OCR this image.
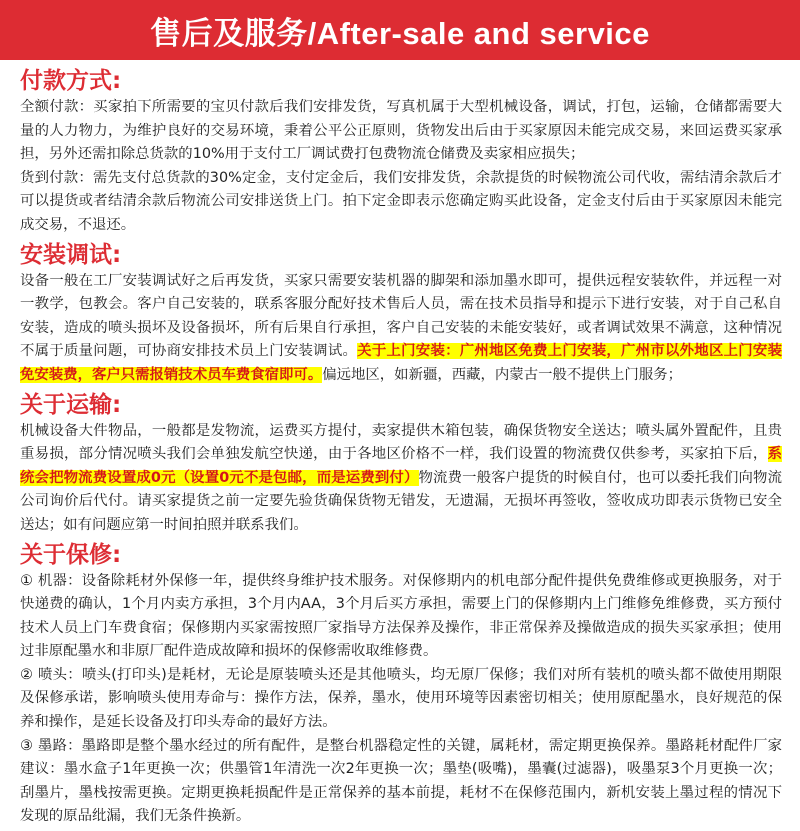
售后及服务/After-sale and service
付款方式:

全额付款：买家拍下所需要的宝贝付款后我们安排发货，写真机属于大型机械设备，调试，打包，运输，仓储都需要大量的人力物力，为维护良好的交易环境，秉着公平公正原则，货物发出后由于买家原因未能完成交易，来回运费买家承担，另外还需扣除总货款的10%用于支付工厂调试费打包费物流仓储费及卖家相应损失；

货到付款：需先支付总货款的30%定金，支付定金后，我们安排发货，余款提货的时候物流公司代收，需结清余款后才可以提货或者结清余款后物流公司安排送货上门。拍下定金即表示您确定购买此设备，定金支付后由于买家原因未能完成交易，不退还。

安装调试:

设备一般在工厂安装调试好之后再发货，买家只需要安装机器的脚架和添加墨水即可，提供远程安装软件，并远程一对一教学，包教会。客户自己安装的，联系客服分配好技术售后人员，需在技术员指导和提示下进行安装，对于自己私自安装，造成的喷头损坏及设备损坏，所有后果自行承担，客户自己安装的未能安装好，或者调试效果不满意，这种情况不属于质量问题，可协商安排技术员上门安装调试。关于上门安装：广州地区免费上门安装，广州市以外地区上门安装免安装费，客户只需报销技术员车费食宿即可。偏远地区，如新疆，西藏，内蒙古一般不提供上门服务；

关于运输:

机械设备大件物品，一般都是发物流，运费买方提付，卖家提供木箱包装，确保货物安全送达；喷头属外置配件，且贵重易损，部分情况喷头我们会单独发航空快递，由于各地区价格不一样，我们设置的物流费仅供参考，买家拍下后，系统会把物流费设置成0元（设置0元不是包邮，而是运费到付）物流费一般客户提货的时候自付，也可以委托我们向物流公司询价后代付。请买家提货之前一定要先验货确保货物无错发，无遗漏，无损坏再签收，签收成功即表示货物已安全送达；如有问题应第一时间拍照并联系我们。

关于保修:

① 机器：设备除耗材外保修一年，提供终身维护技术服务。对保修期内的机电部分配件提供免费维修或更换服务，对于快递费的确认，1个月内卖方承担，3个月内AA，3个月后买方承担，需要上门的保修期内上门维修免维修费，买方预付技术人员上门车费食宿；保修期内买家需按照厂家指导方法保养及操作，非正常保养及操做造成的损失买家承担；使用过非原配墨水和非原厂配件造成故障和损坏的保修需收取维修费。

② 喷头：喷头(打印头)是耗材，无论是原装喷头还是其他喷头，均无原厂保修；我们对所有装机的喷头都不做使用期限及保修承诺，影响喷头使用寿命与：操作方法，保养，墨水，使用环境等因素密切相关；使用原配墨水，良好规范的保养和操作，是延长设备及打印头寿命的最好方法。

③ 墨路：墨路即是整个墨水经过的所有配件，是整台机器稳定性的关键，属耗材，需定期更换保养。墨路耗材配件厂家建议：墨水盒子1年更换一次；供墨管1年清洗一次2年更换一次；墨垫(吸嘴)，墨囊(过滤器)，吸墨泵3个月更换一次；刮墨片，墨栈按需更换。定期更换耗损配件是正常保养的基本前提，耗材不在保修范围内，新机安装上墨过程的情况下发现的原品纰漏，我们无条件换新。
